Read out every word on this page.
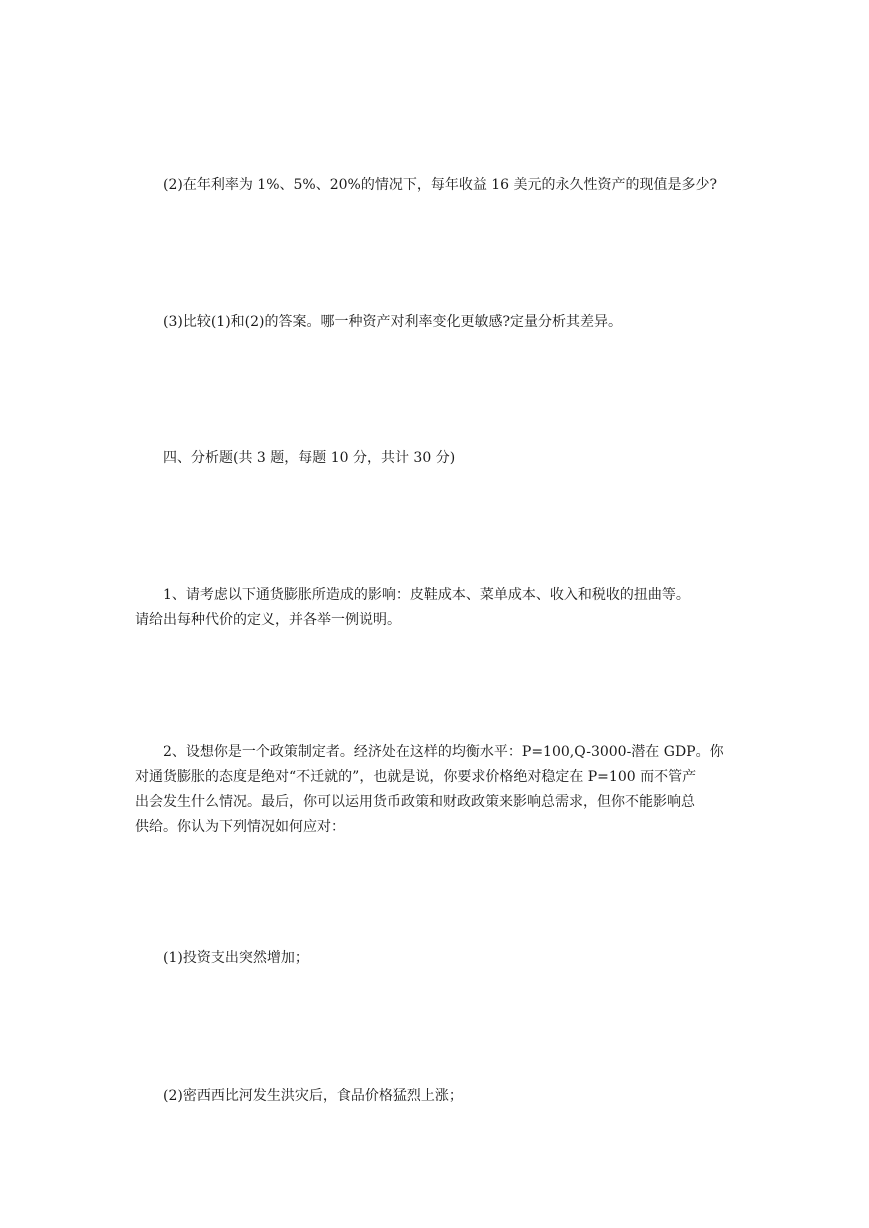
(2)在年利率为 1%、5%、20%的情况下，每年收益 16 美元的永久性资产的现值是多少?

(3)比较(1)和(2)的答案。哪一种资产对利率变化更敏感?定量分析其差异。

四、分析题(共 3 题，每题 10 分，共计 30 分)

1、请考虑以下通货膨胀所造成的影响：皮鞋成本、菜单成本、收入和税收的扭曲等。
请给出每种代价的定义，并各举一例说明。

2、设想你是一个政策制定者。经济处在这样的均衡水平：P=100,Q-3000-潜在 GDP。你
对通货膨胀的态度是绝对“不迁就的”，也就是说，你要求价格绝对稳定在 P=100 而不管产
出会发生什么情况。最后，你可以运用货币政策和财政政策来影响总需求，但你不能影响总
供给。你认为下列情况如何应对：

(1)投资支出突然增加；

(2)密西西比河发生洪灾后，食品价格猛烈上涨；
